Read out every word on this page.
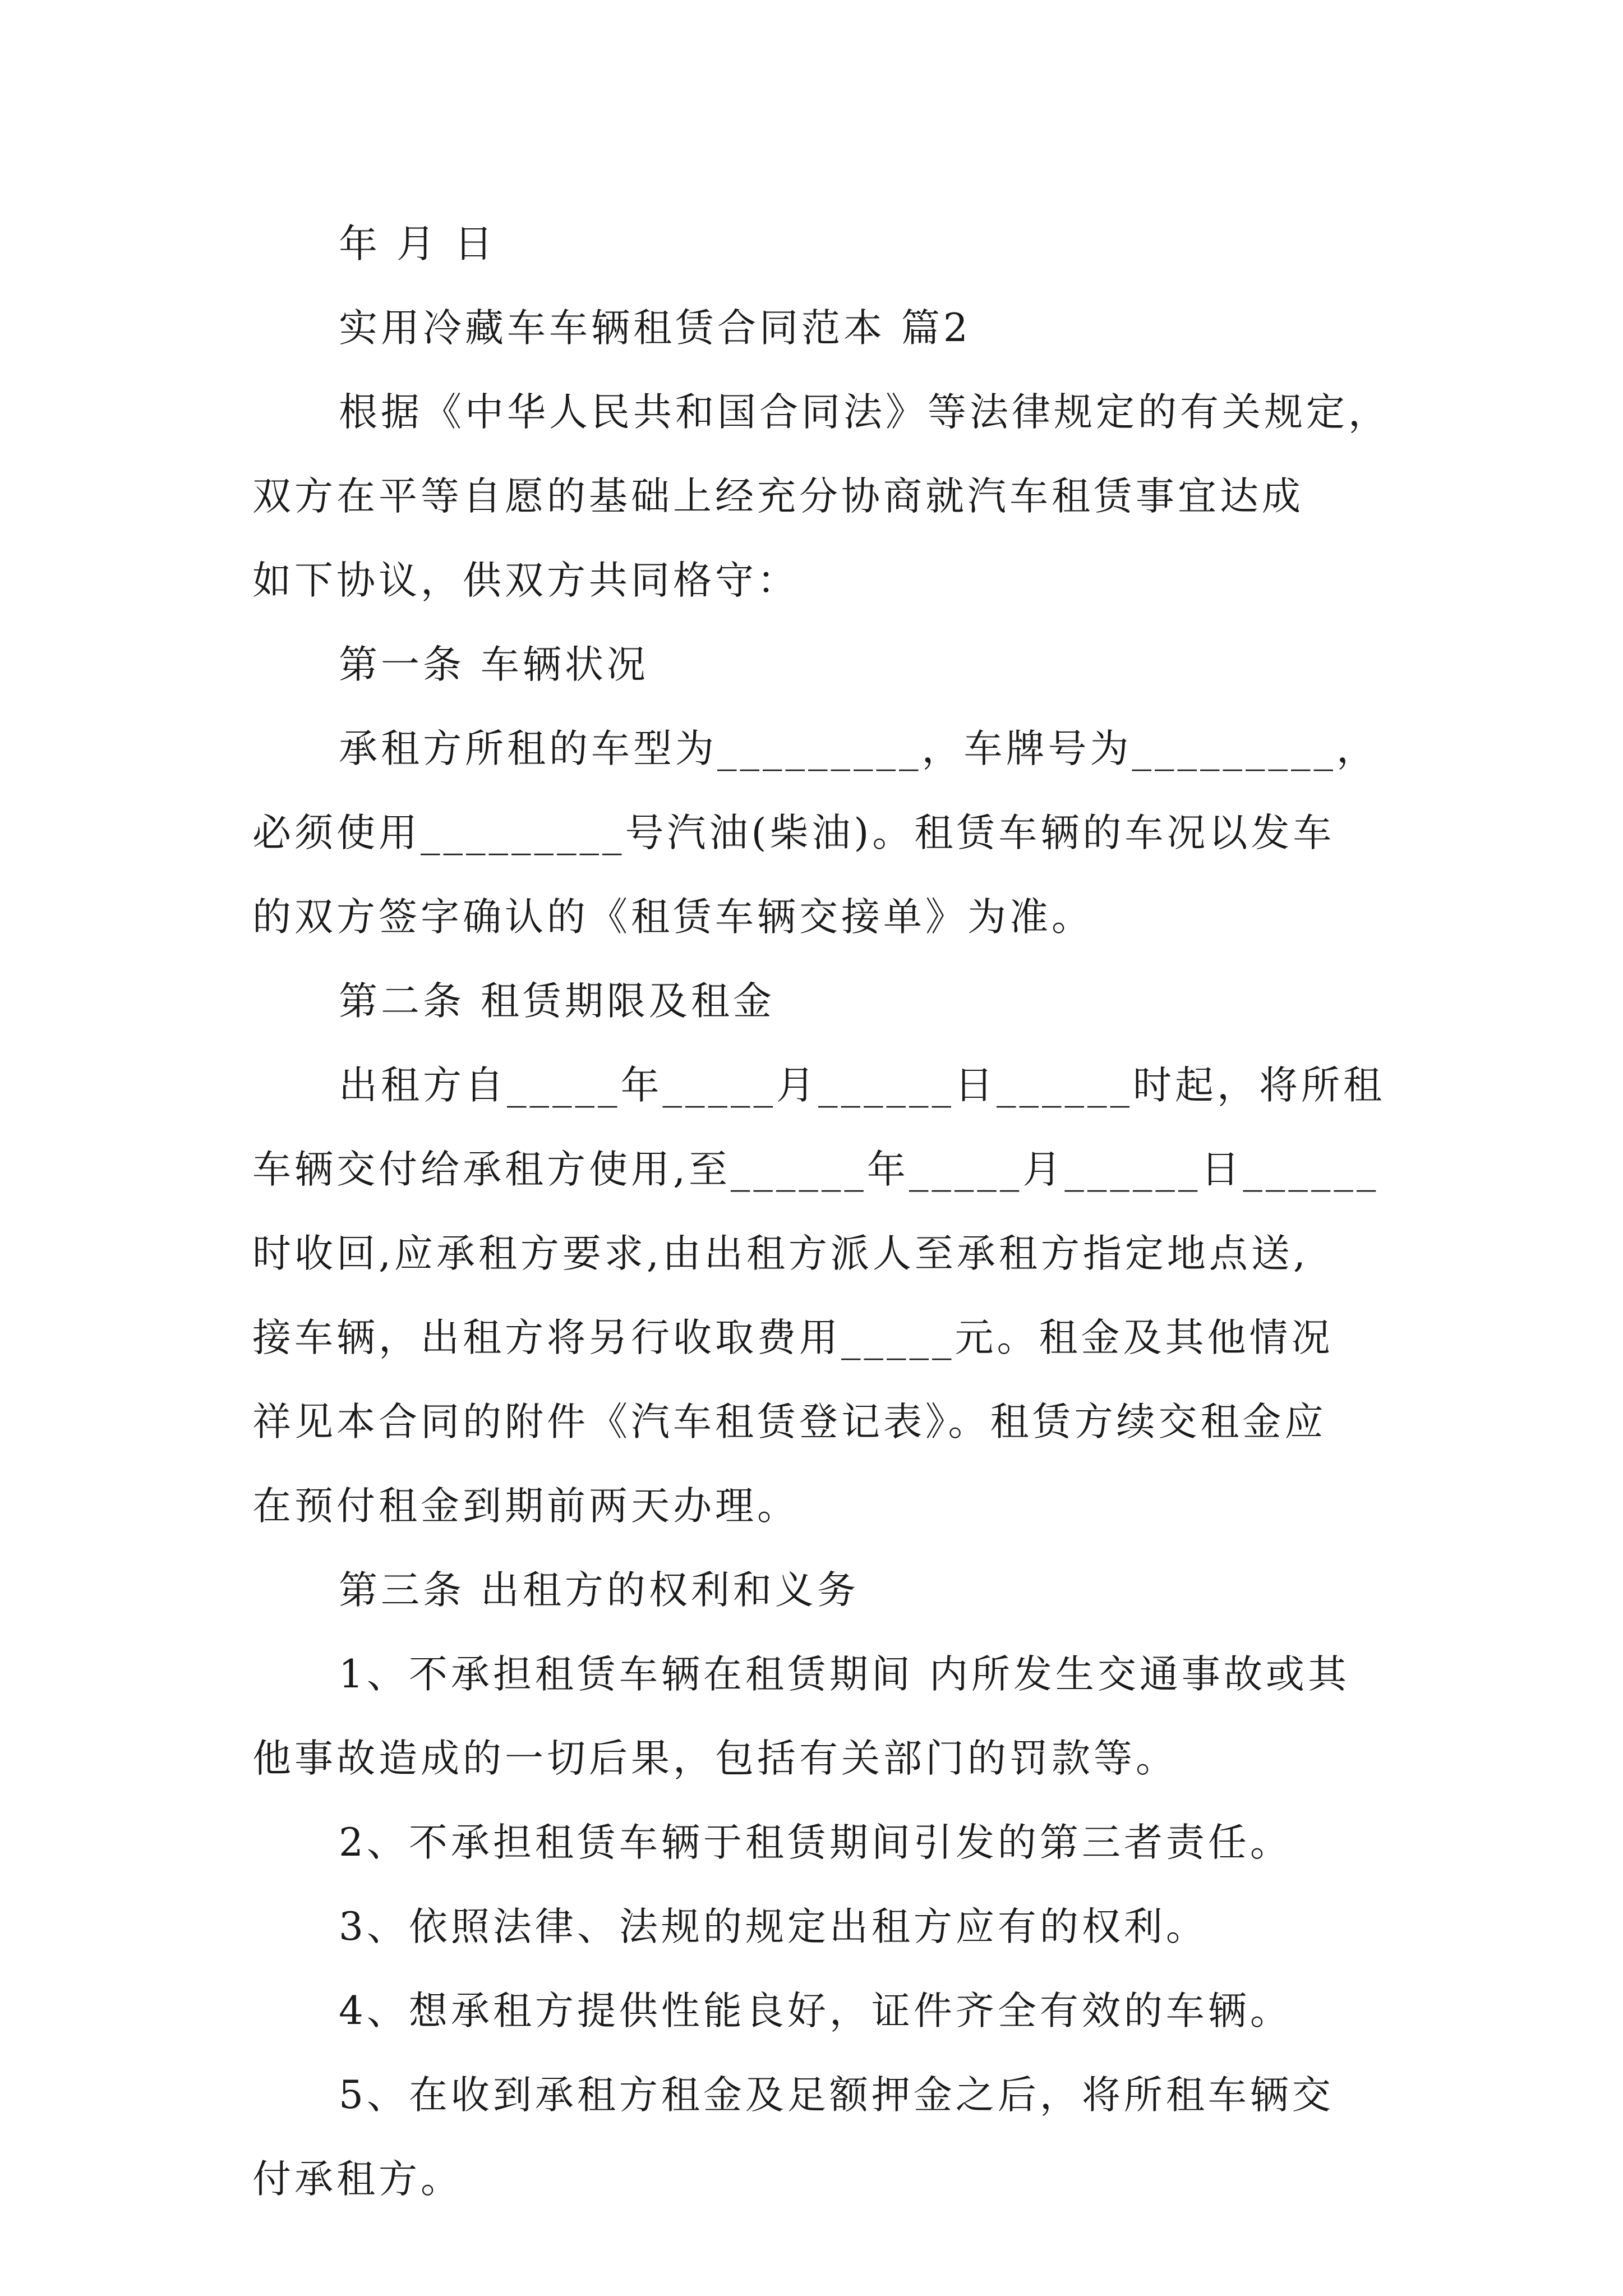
年 月 日
实用冷藏车车辆租赁合同范本 篇2
根据《中华人民共和国合同法》等法律规定的有关规定，
双方在平等自愿的基础上经充分协商就汽车租赁事宜达成
如下协议，供双方共同格守：
第一条 车辆状况
承租方所租的车型为_________，车牌号为_________，
必须使用_________号汽油(柴油)。租赁车辆的车况以发车
的双方签字确认的《租赁车辆交接单》为准。
第二条 租赁期限及租金
出租方自_____年_____月______日______时起，将所租
车辆交付给承租方使用,至______年_____月______日______
时收回,应承租方要求,由出租方派人至承租方指定地点送,
接车辆，出租方将另行收取费用_____元。租金及其他情况
祥见本合同的附件《汽车租赁登记表》。租赁方续交租金应
在预付租金到期前两天办理。
第三条 出租方的权利和义务
1、不承担租赁车辆在租赁期间 内所发生交通事故或其
他事故造成的一切后果，包括有关部门的罚款等。
2、不承担租赁车辆于租赁期间引发的第三者责任。
3、依照法律、法规的规定出租方应有的权利。
4、想承租方提供性能良好，证件齐全有效的车辆。
5、在收到承租方租金及足额押金之后，将所租车辆交
付承租方。
